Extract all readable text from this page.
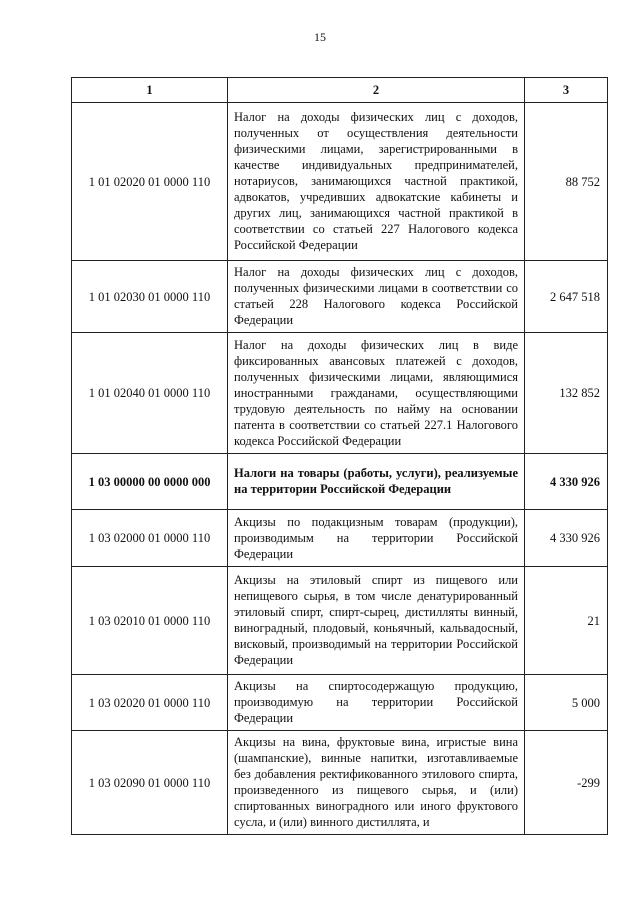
15
1	2	3
1 01 02020 01 0000 110	Налог на доходы физических лиц с доходов, полученных от осуществления деятельности физическими лицами, зарегистрированными в качестве индивидуальных предпринимателей, нотариусов, занимающихся частной практикой, адвокатов, учредивших адвокатские кабинеты и других лиц, занимающихся частной практикой в соответствии со статьей 227 Налогового кодекса Российской Федерации	88 752
1 01 02030 01 0000 110	Налог на доходы физических лиц с доходов, полученных физическими лицами в соответствии со статьей 228 Налогового кодекса Российской Федерации	2 647 518
1 01 02040 01 0000 110	Налог на доходы физических лиц в виде фиксированных авансовых платежей с доходов, полученных физическими лицами, являющимися иностранными гражданами, осуществляющими трудовую деятельность по найму на основании патента в соответствии со статьей 227.1 Налогового кодекса Российской Федерации	132 852
1 03 00000 00 0000 000	Налоги на товары (работы, услуги), реализуемые на территории Российской Федерации	4 330 926
1 03 02000 01 0000 110	Акцизы по подакцизным товарам (продукции), производимым на территории Российской Федерации	4 330 926
1 03 02010 01 0000 110	Акцизы на этиловый спирт из пищевого или непищевого сырья, в том числе денатурированный этиловый спирт, спирт-сырец, дистилляты винный, виноградный, плодовый, коньячный, кальвадосный, висковый, производимый на территории Российской Федерации	21
1 03 02020 01 0000 110	Акцизы на спиртосодержащую продукцию, производимую на территории Российской Федерации	5 000
1 03 02090 01 0000 110	Акцизы на вина, фруктовые вина, игристые вина (шампанские), винные напитки, изготавливаемые без добавления ректификованного этилового спирта, произведенного из пищевого сырья, и (или) спиртованных виноградного или иного фруктового сусла, и (или) винного дистиллята, и	-299
